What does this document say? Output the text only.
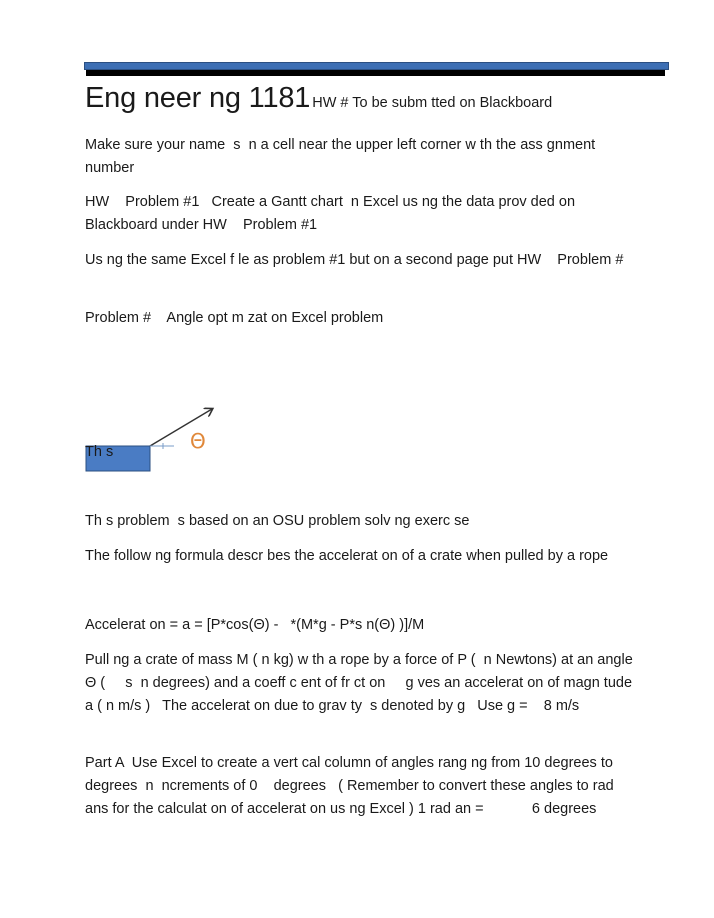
Eng neer ng 1181 HW # To be subm tted on Blackboard
Make sure your name  s  n a cell near the upper left corner w th the ass gnment number
HW    Problem #1   Create a Gantt chart  n Excel us ng the data prov ded on Blackboard under HW    Problem #1
Us ng the same Excel f le as problem #1 but on a second page put HW    Problem #
Problem #    Angle opt m zat on Excel problem
Θ
Th s
Th s problem  s based on an OSU problem solv ng exerc se
The follow ng formula descr bes the accelerat on of a crate when pulled by a rope
Accelerat on = a = [P*cos(Θ) -   *(M*g - P*s n(Θ) )]/M
Pull ng a crate of mass M ( n kg) w th a rope by a force of P (  n Newtons) at an angle Θ (     s  n degrees) and a coeff c ent of fr ct on     g ves an accelerat on of magn tude a ( n m/s )   The accelerat on due to grav ty  s denoted by g   Use g =    8 m/s
Part A  Use Excel to create a vert cal column of angles rang ng from 10 degrees to     degrees  n  ncrements of 0    degrees   ( Remember to convert these angles to rad ans for the calculat on of accelerat on us ng Excel ) 1 rad an =            6 degrees
